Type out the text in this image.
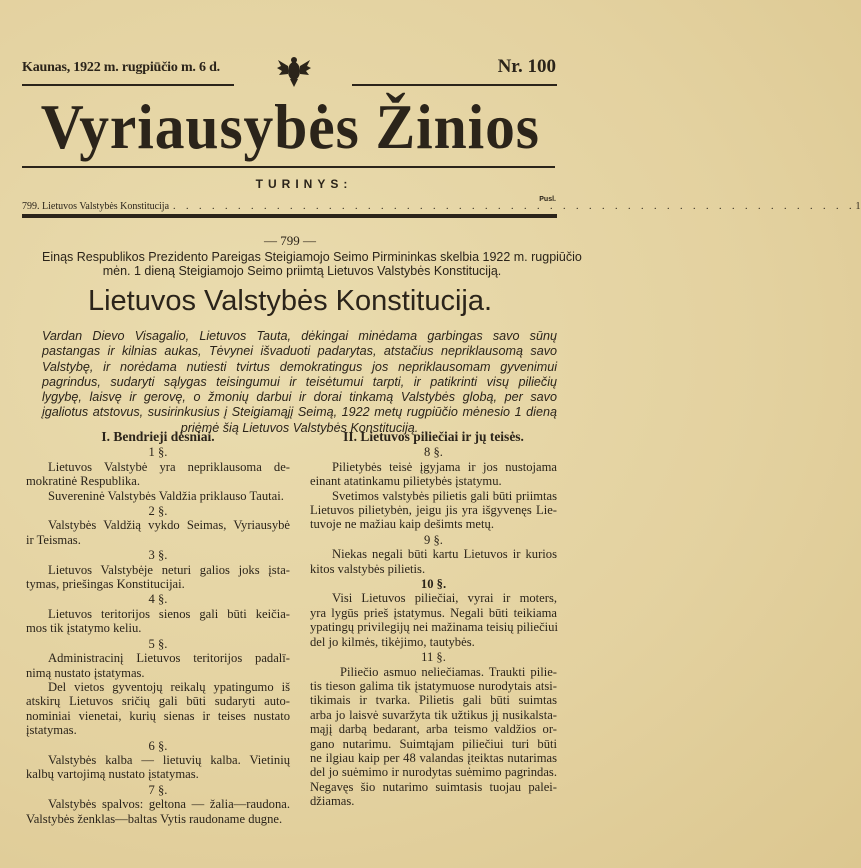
Kaunas, 1922 m. rugpiūčio m. 6 d.	Nr. 100
Vyriausybės Žinios
TURINYS:
Pusl.
799. Lietuvos Valstybės Konstitucija . . . . . . . . . . . . . . . . . . . . . . . . . . . . . . . . . . . . . . . . . . . . . . . . . . . . . 1
— 799 —
Einąs Respublikos Prezidento Pareigas Steigiamojo Seimo Pirmininkas skelbia 1922 m. rugpiūčio
mėn. 1 dieną Steigiamojo Seimo priimtą Lietuvos Valstybės Konstituciją.
Lietuvos Valstybės Konstitucija.
Vardan Dievo Visagalio, Lietuvos Tauta, dėkingai minėdama garbingas savo sūnų
pastangas ir kilnias aukas, Tėvynei išvaduoti padarytas, atstačius nepriklausomą savo
Valstybę, ir norėdama nutiesti tvirtus demokratingus jos nepriklausomam gyvenimui
pagrindus, sudaryti sąlygas teisingumui ir teisėtumui tarpti, ir patikrinti visų piliečių
lygybę, laisvę ir gerovę, o žmonių darbui ir dorai tinkamą Valstybės globą, per savo
įgaliotus atstovus, susirinkusius į Steigiamąjį Seimą, 1922 metų rugpiūčio mėnesio 1 dieną
priėmė šią Lietuvos Valstybės Konstituciją.
I. Bendrieji dėsniai.
1 §.
Lietuvos Valstybė yra nepriklausoma de-
mokratinė Respublika.
Suvereninė Valstybės Valdžia priklauso Tautai.
2 §.
Valstybės Valdžią vykdo Seimas, Vyriausybė
ir Teismas.
3 §.
Lietuvos Valstybėje neturi galios joks įsta-
tymas, priešingas Konstitucijai.
4 §.
Lietuvos teritorijos sienos gali būti keičia-
mos tik įstatymo keliu.
5 §.
Administracinį Lietuvos teritorijos padalī-
nimą nustato įstatymas.
Del vietos gyventojų reikalų ypatingumo iš
atskirų Lietuvos sričių gali būti sudaryti auto-
nominiai vienetai, kurių sienas ir teises nustato
įstatymas.
6 §.
Valstybės kalba — lietuvių kalba. Vietinių
kalbų vartojimą nustato įstatymas.
7 §.
Valstybės spalvos: geltona — žalia—raudona.
Valstybės ženklas—baltas Vytis raudoname dugne.
II. Lietuvos piliečiai ir jų teisės.
8 §.
Pilietybės teisė įgyjama ir jos nustojama
einant atatinkamu pilietybės įstatymu.
Svetimos valstybės pilietis gali būti priimtas
Lietuvos pilietybėn, jeigu jis yra išgyvenęs Lie-
tuvoje ne mažiau kaip dešimts metų.
9 §.
Niekas negali būti kartu Lietuvos ir kurios
kitos valstybės pilietis.
10 §.
Visi Lietuvos piliečiai, vyrai ir moters,
yra lygūs prieš įstatymus. Negali būti teikiama
ypatingų privilegijų nei mažinama teisių piliečiui
del jo kilmės, tikėjimo, tautybės.
11 §.
Piliečio asmuo neliečiamas. Traukti pilie-
tis tieson galima tik įstatymuose nurodytais atsi-
tikimais ir tvarka. Pilietis gali būti suimtas
arba jo laisvė suvaržyta tik užtikus jį nusikalsta-
mąjį darbą bedarant, arba teismo valdžios or-
gano nutarimu. Suimtąjam piliečiui turi būti
ne ilgiau kaip per 48 valandas įteiktas nutarimas
del jo suėmimo ir nurodytas suėmimo pagrindas.
Negavęs šio nutarimo suimtasis tuojau palei-
džiamas.
